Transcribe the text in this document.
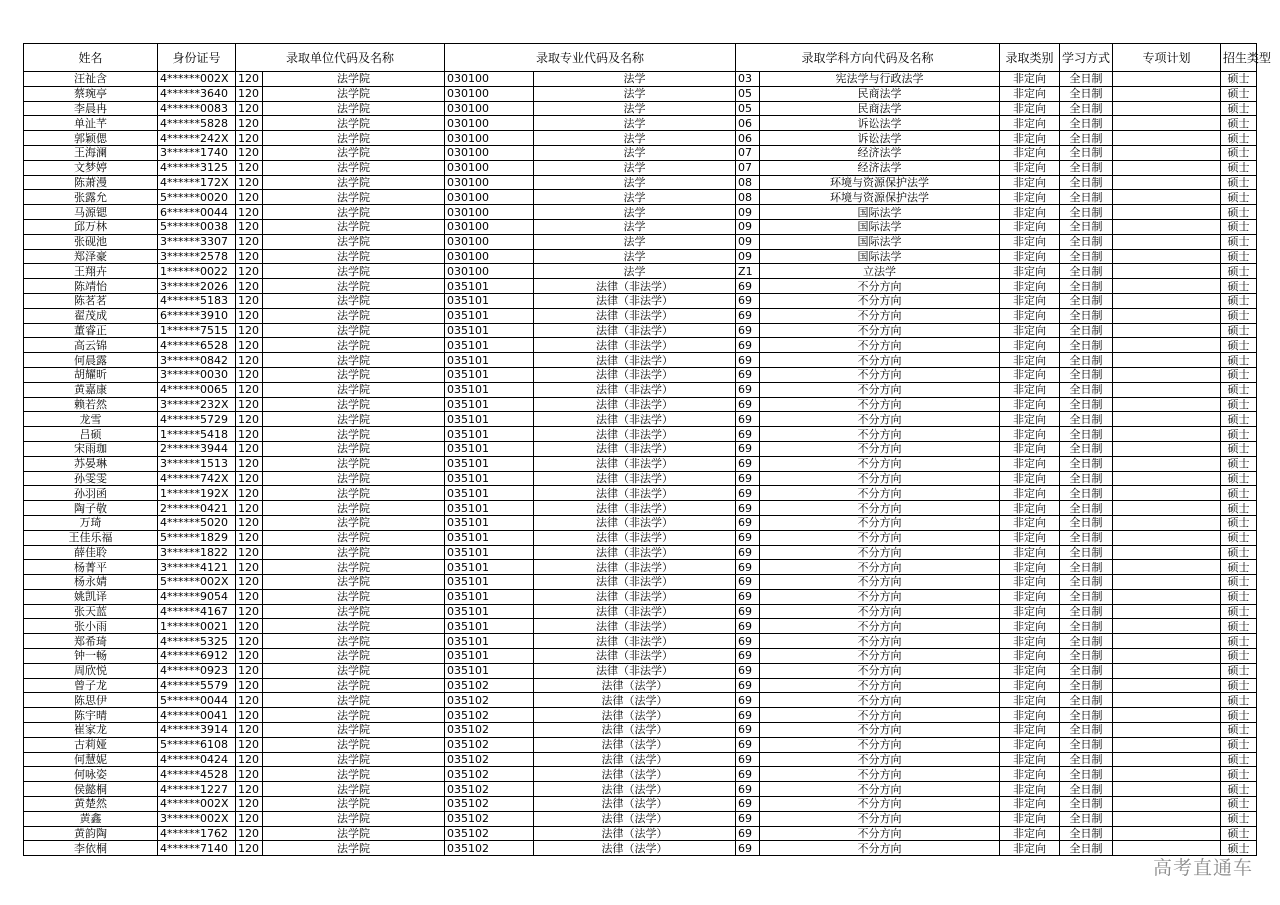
姓名	身份证号	录取单位代码及名称		录取专业代码及名称		录取学科方向代码及名称		录取类别	学习方式	专项计划	招生类型
汪祉含	4******002X	120	法学院	030100	法学	03	宪法学与行政法学	非定向	全日制		硕士
蔡琬亭	4******3640	120	法学院	030100	法学	05	民商法学	非定向	全日制		硕士
李晨冉	4******0083	120	法学院	030100	法学	05	民商法学	非定向	全日制		硕士
单沚芊	4******5828	120	法学院	030100	法学	06	诉讼法学	非定向	全日制		硕士
郭颖偲	4******242X	120	法学院	030100	法学	06	诉讼法学	非定向	全日制		硕士
王海澜	3******1740	120	法学院	030100	法学	07	经济法学	非定向	全日制		硕士
文梦婷	4******3125	120	法学院	030100	法学	07	经济法学	非定向	全日制		硕士
陈萧漫	4******172X	120	法学院	030100	法学	08	环境与资源保护法学	非定向	全日制		硕士
张露允	5******0020	120	法学院	030100	法学	08	环境与资源保护法学	非定向	全日制		硕士
马源锶	6******0044	120	法学院	030100	法学	09	国际法学	非定向	全日制		硕士
邱万林	5******0038	120	法学院	030100	法学	09	国际法学	非定向	全日制		硕士
张砚池	3******3307	120	法学院	030100	法学	09	国际法学	非定向	全日制		硕士
郑泽豪	3******2578	120	法学院	030100	法学	09	国际法学	非定向	全日制		硕士
王翔卉	1******0022	120	法学院	030100	法学	Z1	立法学	非定向	全日制		硕士
陈靖怡	3******2026	120	法学院	035101	法律（非法学）	69	不分方向	非定向	全日制		硕士
陈茗茗	4******5183	120	法学院	035101	法律（非法学）	69	不分方向	非定向	全日制		硕士
翟茂成	6******3910	120	法学院	035101	法律（非法学）	69	不分方向	非定向	全日制		硕士
董睿正	1******7515	120	法学院	035101	法律（非法学）	69	不分方向	非定向	全日制		硕士
高云锦	4******6528	120	法学院	035101	法律（非法学）	69	不分方向	非定向	全日制		硕士
何晨露	3******0842	120	法学院	035101	法律（非法学）	69	不分方向	非定向	全日制		硕士
胡耀昕	3******0030	120	法学院	035101	法律（非法学）	69	不分方向	非定向	全日制		硕士
黄嘉康	4******0065	120	法学院	035101	法律（非法学）	69	不分方向	非定向	全日制		硕士
赖若然	3******232X	120	法学院	035101	法律（非法学）	69	不分方向	非定向	全日制		硕士
龙雪	4******5729	120	法学院	035101	法律（非法学）	69	不分方向	非定向	全日制		硕士
吕硕	1******5418	120	法学院	035101	法律（非法学）	69	不分方向	非定向	全日制		硕士
宋雨珈	2******3944	120	法学院	035101	法律（非法学）	69	不分方向	非定向	全日制		硕士
苏晏琳	3******1513	120	法学院	035101	法律（非法学）	69	不分方向	非定向	全日制		硕士
孙雯雯	4******742X	120	法学院	035101	法律（非法学）	69	不分方向	非定向	全日制		硕士
孙羽函	1******192X	120	法学院	035101	法律（非法学）	69	不分方向	非定向	全日制		硕士
陶子敬	2******0421	120	法学院	035101	法律（非法学）	69	不分方向	非定向	全日制		硕士
万琦	4******5020	120	法学院	035101	法律（非法学）	69	不分方向	非定向	全日制		硕士
王佳乐福	5******1829	120	法学院	035101	法律（非法学）	69	不分方向	非定向	全日制		硕士
薛佳聆	3******1822	120	法学院	035101	法律（非法学）	69	不分方向	非定向	全日制		硕士
杨菁平	3******4121	120	法学院	035101	法律（非法学）	69	不分方向	非定向	全日制		硕士
杨永婧	5******002X	120	法学院	035101	法律（非法学）	69	不分方向	非定向	全日制		硕士
姚凯译	4******9054	120	法学院	035101	法律（非法学）	69	不分方向	非定向	全日制		硕士
张天蓝	4******4167	120	法学院	035101	法律（非法学）	69	不分方向	非定向	全日制		硕士
张小雨	1******0021	120	法学院	035101	法律（非法学）	69	不分方向	非定向	全日制		硕士
郑希琦	4******5325	120	法学院	035101	法律（非法学）	69	不分方向	非定向	全日制		硕士
钟一畅	4******6912	120	法学院	035101	法律（非法学）	69	不分方向	非定向	全日制		硕士
周欣悦	4******0923	120	法学院	035101	法律（非法学）	69	不分方向	非定向	全日制		硕士
曾子龙	4******5579	120	法学院	035102	法律（法学）	69	不分方向	非定向	全日制		硕士
陈思伊	5******0044	120	法学院	035102	法律（法学）	69	不分方向	非定向	全日制		硕士
陈宇晴	4******0041	120	法学院	035102	法律（法学）	69	不分方向	非定向	全日制		硕士
崔家龙	4******3914	120	法学院	035102	法律（法学）	69	不分方向	非定向	全日制		硕士
古莉娅	5******6108	120	法学院	035102	法律（法学）	69	不分方向	非定向	全日制		硕士
何慧妮	4******0424	120	法学院	035102	法律（法学）	69	不分方向	非定向	全日制		硕士
何咏姿	4******4528	120	法学院	035102	法律（法学）	69	不分方向	非定向	全日制		硕士
侯懿桐	4******1227	120	法学院	035102	法律（法学）	69	不分方向	非定向	全日制		硕士
黄楚然	4******002X	120	法学院	035102	法律（法学）	69	不分方向	非定向	全日制		硕士
黄鑫	3******002X	120	法学院	035102	法律（法学）	69	不分方向	非定向	全日制		硕士
黄韵陶	4******1762	120	法学院	035102	法律（法学）	69	不分方向	非定向	全日制		硕士
李依桐	4******7140	120	法学院	035102	法律（法学）	69	不分方向	非定向	全日制		硕士
高考直通车
